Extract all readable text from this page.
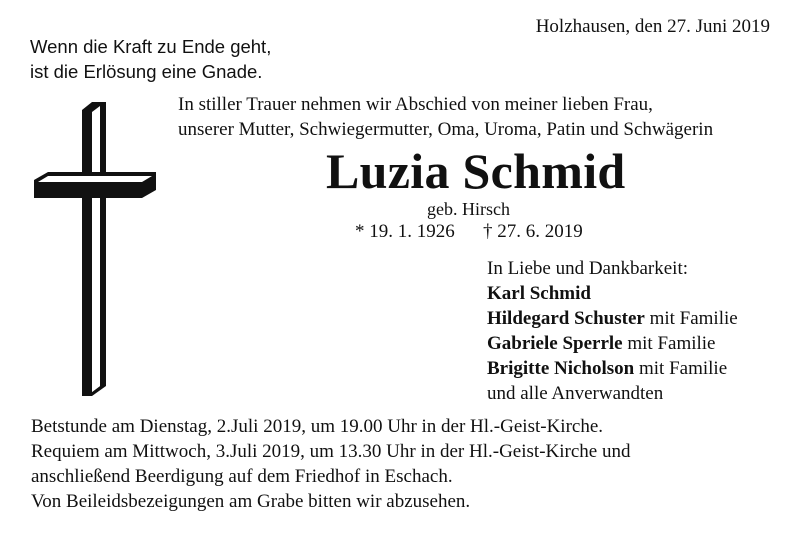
Wenn die Kraft zu Ende geht,
ist die Erlösung eine Gnade.
Holzhausen, den 27. Juni 2019
In stiller Trauer nehmen wir Abschied von meiner lieben Frau,
unserer Mutter, Schwiegermutter, Oma, Uroma, Patin und Schwägerin
Luzia Schmid
geb. Hirsch
* 19. 1. 1926 † 27. 6. 2019
In Liebe und Dankbarkeit:
Karl Schmid
Hildegard Schuster mit Familie
Gabriele Sperrle mit Familie
Brigitte Nicholson mit Familie
und alle Anverwandten
Betstunde am Dienstag, 2.Juli 2019, um 19.00 Uhr in der Hl.-Geist-Kirche.
Requiem am Mittwoch, 3.Juli 2019, um 13.30 Uhr in der Hl.-Geist-Kirche und
anschließend Beerdigung auf dem Friedhof in Eschach.
Von Beileidsbezeigungen am Grabe bitten wir abzusehen.
